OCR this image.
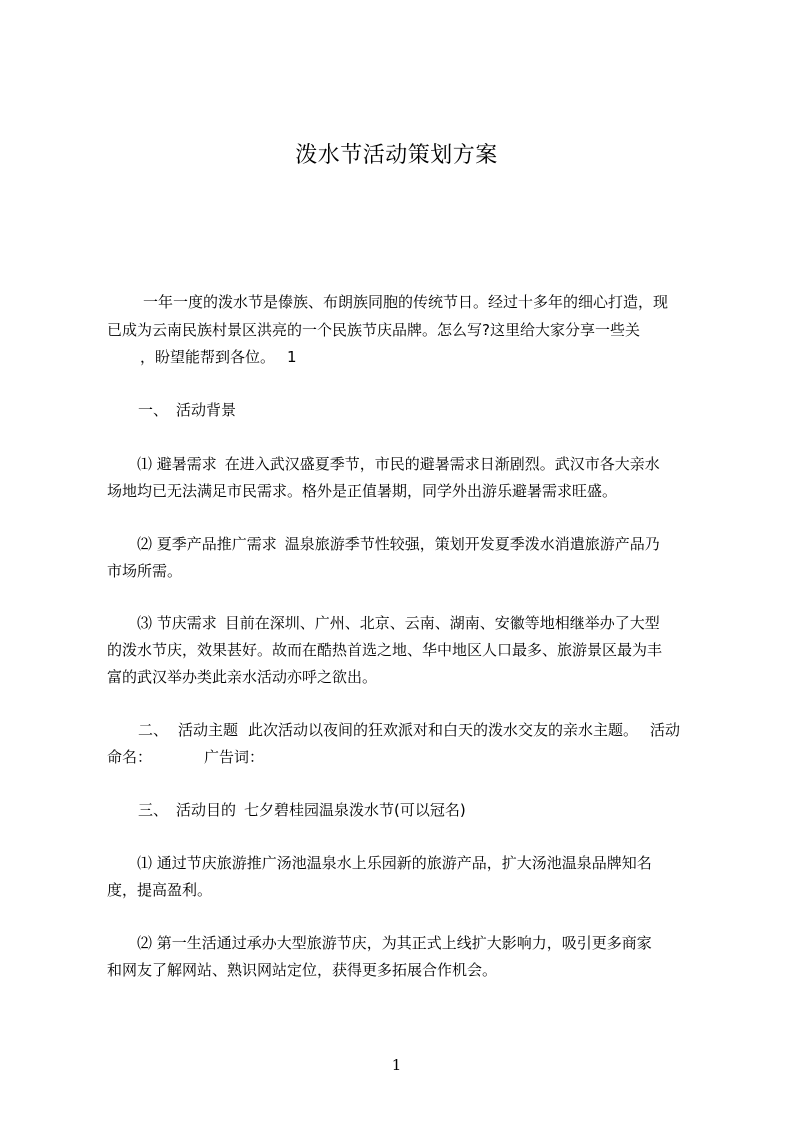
泼水节活动策划方案
一年一度的泼水节是傣族、布朗族同胞的传统节日。经过十多年的细心打造，现
已成为云南民族村景区洪亮的一个民族节庆品牌。怎么写?这里给大家分享一些关
，盼望能帮到各位。 1
一、 活动背景
⑴ 避暑需求 在进入武汉盛夏季节，市民的避暑需求日渐剧烈。武汉市各大亲水
场地均已无法满足市民需求。格外是正值暑期，同学外出游乐避暑需求旺盛。
⑵ 夏季产品推广需求 温泉旅游季节性较强，策划开发夏季泼水消遣旅游产品乃
市场所需。
⑶ 节庆需求 目前在深圳、广州、北京、云南、湖南、安徽等地相继举办了大型
的泼水节庆，效果甚好。故而在酷热首选之地、华中地区人口最多、旅游景区最为丰
富的武汉举办类此亲水活动亦呼之欲出。
二、 活动主题 此次活动以夜间的狂欢派对和白天的泼水交友的亲水主题。 活动
命名：	广告词：
三、 活动目的 七夕碧桂园温泉泼水节(可以冠名)
⑴ 通过节庆旅游推广汤池温泉水上乐园新的旅游产品，扩大汤池温泉品牌知名
度，提高盈利。
⑵ 第一生活通过承办大型旅游节庆，为其正式上线扩大影响力，吸引更多商家
和网友了解网站、熟识网站定位，获得更多拓展合作机会。
1
